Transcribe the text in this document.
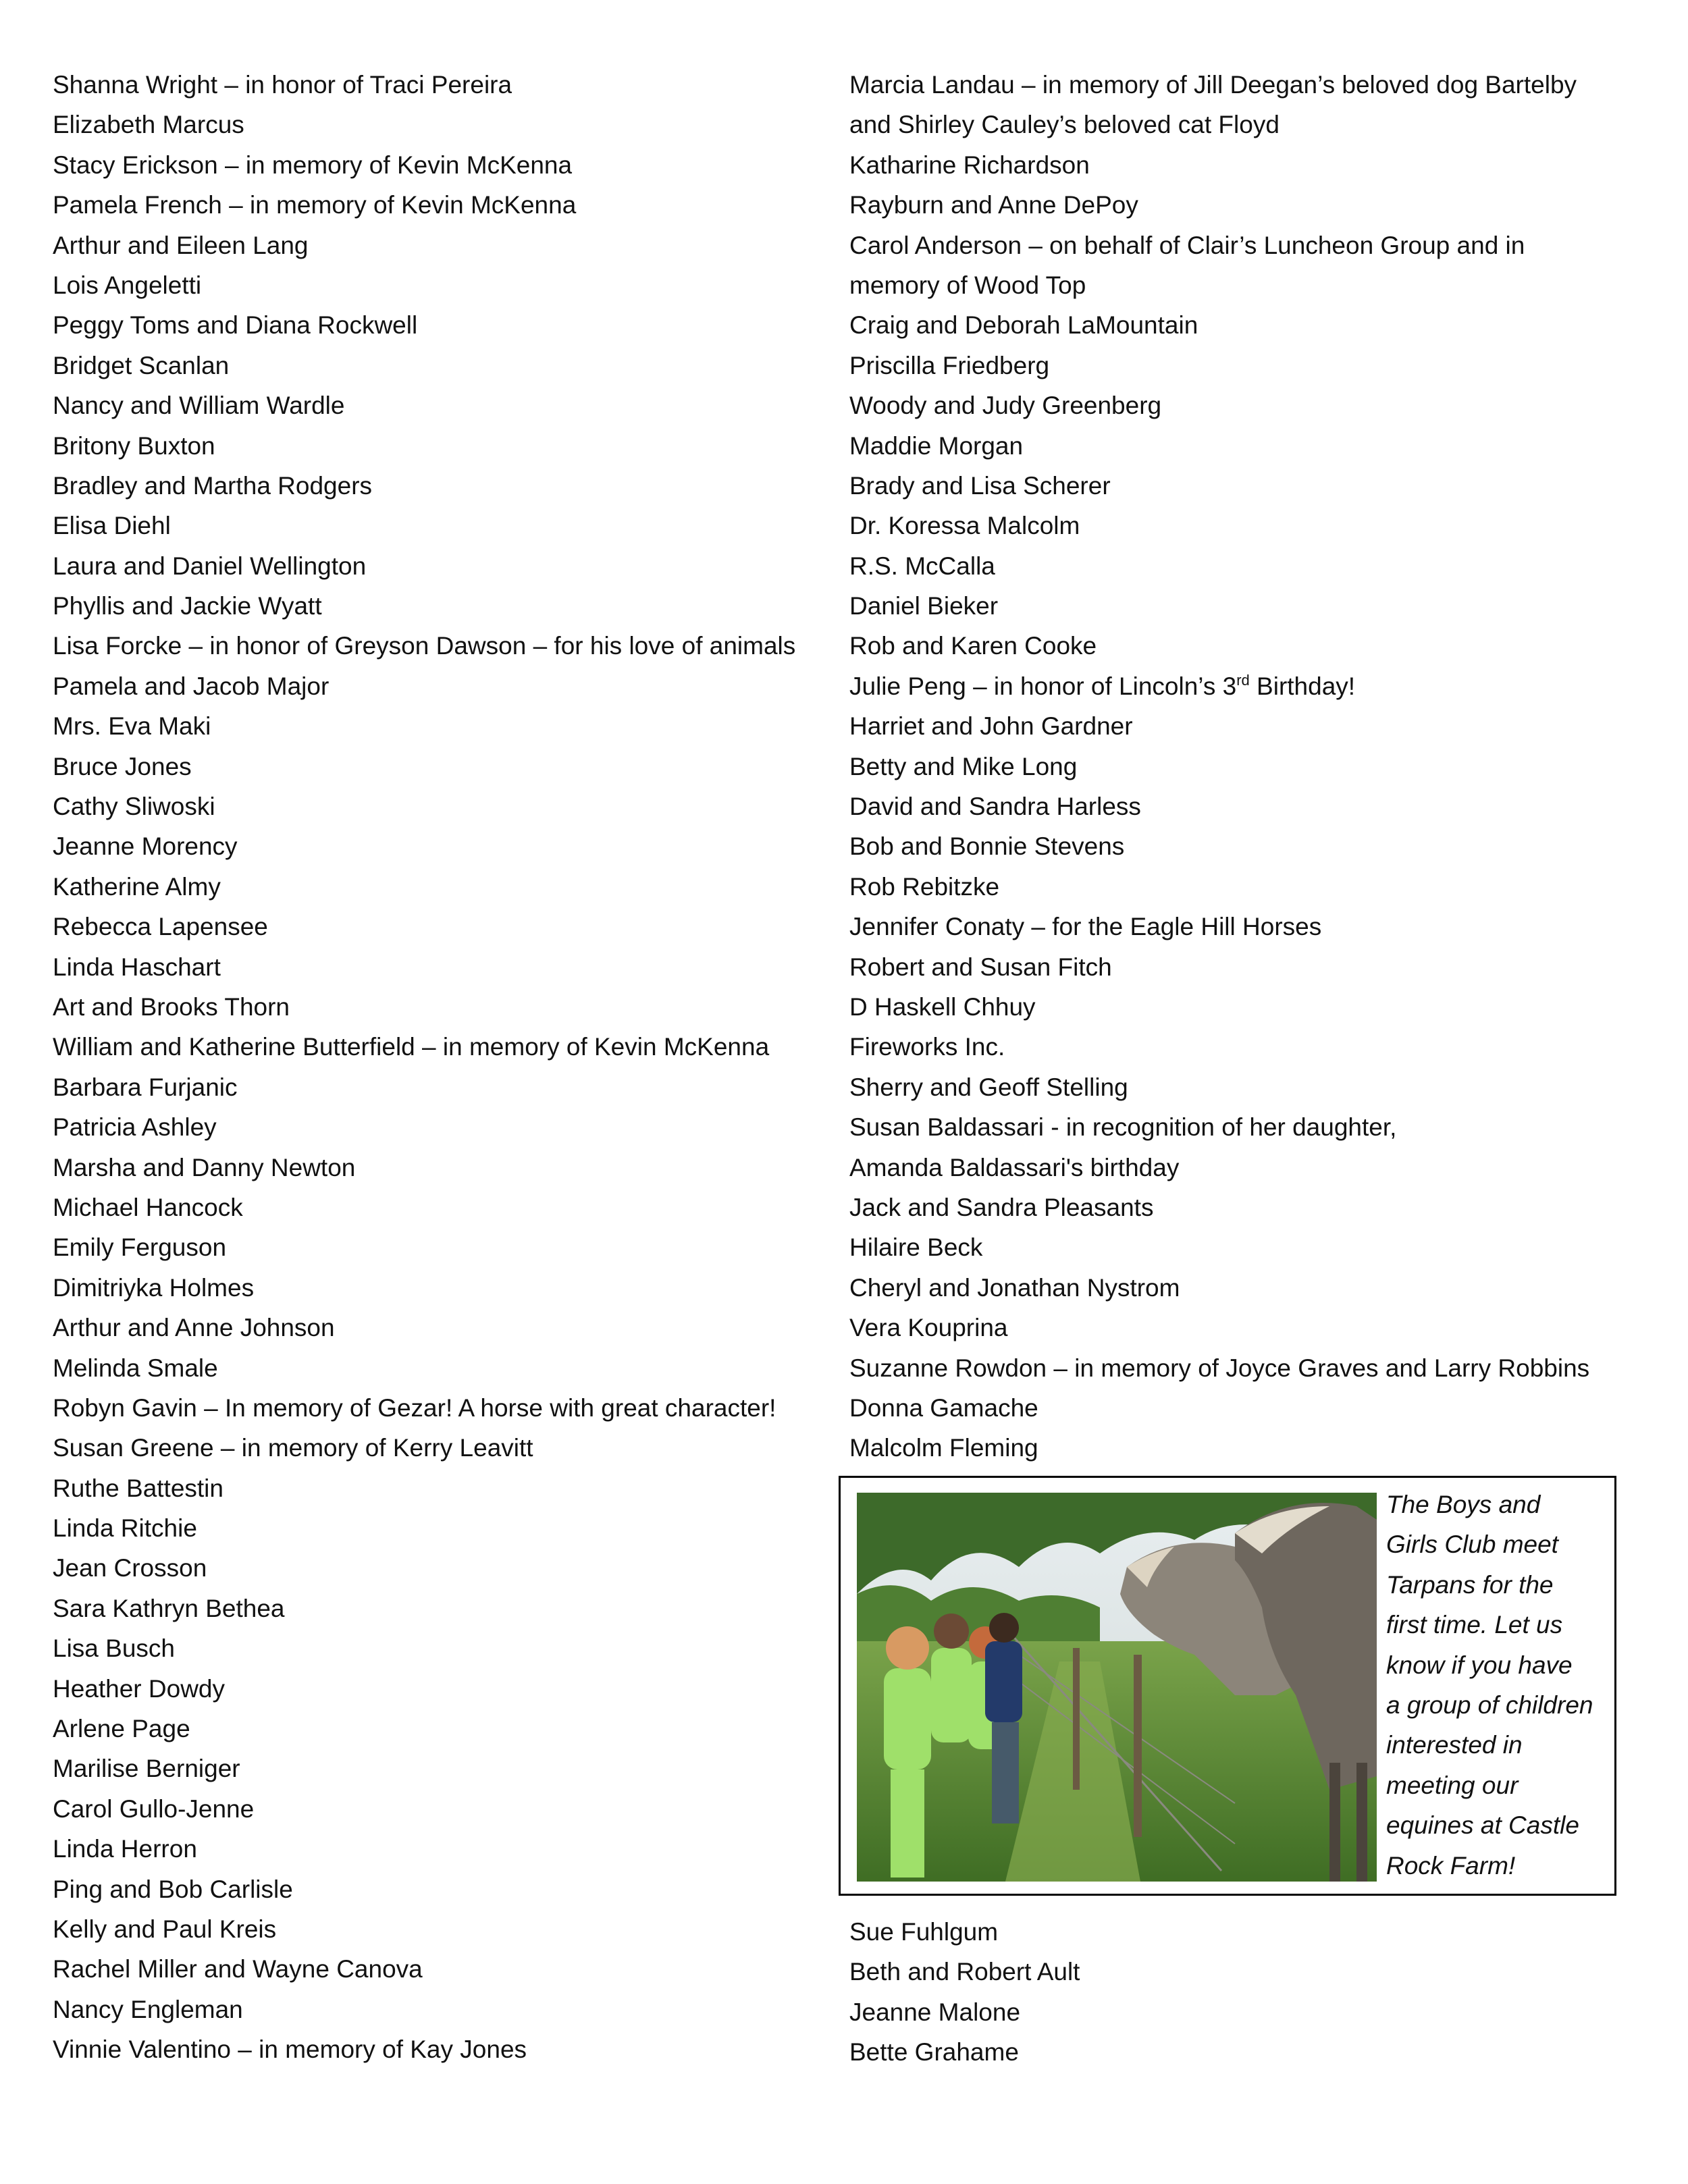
Shanna Wright – in honor of Traci Pereira
Elizabeth Marcus
Stacy Erickson – in memory of Kevin McKenna
Pamela French – in memory of Kevin McKenna
Arthur and Eileen Lang
Lois Angeletti
Peggy Toms and Diana Rockwell
Bridget Scanlan
Nancy and William Wardle
Britony Buxton
Bradley and Martha Rodgers
Elisa Diehl
Laura and Daniel Wellington
Phyllis and Jackie Wyatt
Lisa Forcke – in honor of Greyson Dawson – for his love of animals
Pamela and Jacob Major
Mrs. Eva Maki
Bruce Jones
Cathy Sliwoski
Jeanne Morency
Katherine Almy
Rebecca Lapensee
Linda Haschart
Art and Brooks Thorn
William and Katherine Butterfield – in memory of Kevin McKenna
Barbara Furjanic
Patricia Ashley
Marsha and Danny Newton
Michael Hancock
Emily Ferguson
Dimitriyka Holmes
Arthur and Anne Johnson
Melinda Smale
Robyn Gavin – In memory of Gezar! A horse with great character!
Susan Greene – in memory of Kerry Leavitt
Ruthe Battestin
Linda Ritchie
Jean Crosson
Sara Kathryn Bethea
Lisa Busch
Heather Dowdy
Arlene Page
Marilise Berniger
Carol Gullo-Jenne
Linda Herron
Ping and Bob Carlisle
Kelly and Paul Kreis
Rachel Miller and Wayne Canova
Nancy Engleman
Vinnie Valentino – in memory of Kay Jones
Marcia Landau – in memory of Jill Deegan’s beloved dog Bartelby
and Shirley Cauley’s beloved cat Floyd
Katharine Richardson
Rayburn and Anne DePoy
Carol Anderson – on behalf of Clair’s Luncheon Group and in
memory of Wood Top
Craig and Deborah LaMountain
Priscilla Friedberg
Woody and Judy Greenberg
Maddie Morgan
Brady and Lisa Scherer
Dr. Koressa Malcolm
R.S. McCalla
Daniel Bieker
Rob and Karen Cooke
Julie Peng – in honor of Lincoln’s 3rd Birthday!
Harriet and John Gardner
Betty and Mike Long
David and Sandra Harless
Bob and Bonnie Stevens
Rob Rebitzke
Jennifer Conaty – for the Eagle Hill Horses
Robert and Susan Fitch
D Haskell Chhuy
Fireworks Inc.
Sherry and Geoff Stelling
Susan Baldassari - in recognition of her daughter,
Amanda Baldassari's birthday
Jack and Sandra Pleasants
Hilaire Beck
Cheryl and Jonathan Nystrom
Vera Kouprina
Suzanne Rowdon – in memory of Joyce Graves and Larry Robbins
Donna Gamache
Malcolm Fleming
The Boys and
Girls Club meet
Tarpans for the
first time. Let us
know if you have
a group of children
interested in
meeting our
equines at Castle
Rock Farm!
Sue Fuhlgum
Beth and Robert Ault
Jeanne Malone
Bette Grahame
